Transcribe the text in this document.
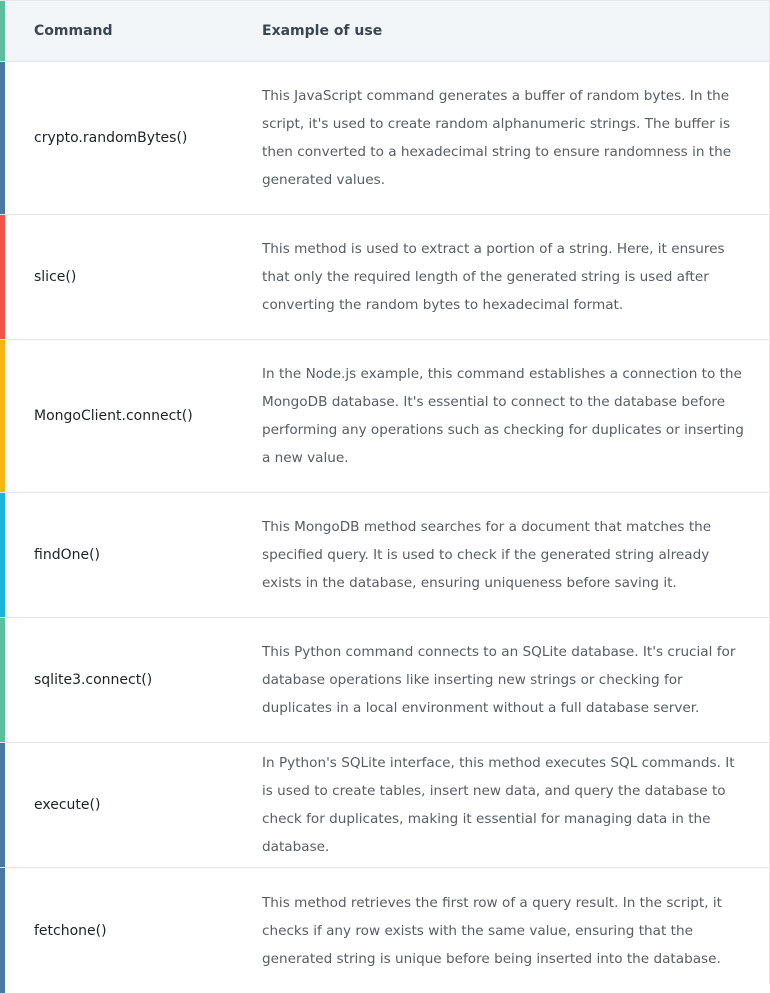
Command	Example of use
crypto.randomBytes()
This JavaScript command generates a buffer of random bytes. In the script, it's used to create random alphanumeric strings. The buffer is then converted to a hexadecimal string to ensure randomness in the generated values.
slice()
This method is used to extract a portion of a string. Here, it ensures that only the required length of the generated string is used after converting the random bytes to hexadecimal format.
MongoClient.connect()
In the Node.js example, this command establishes a connection to the MongoDB database. It's essential to connect to the database before performing any operations such as checking for duplicates or inserting a new value.
findOne()
This MongoDB method searches for a document that matches the specified query. It is used to check if the generated string already exists in the database, ensuring uniqueness before saving it.
sqlite3.connect()
This Python command connects to an SQLite database. It's crucial for database operations like inserting new strings or checking for duplicates in a local environment without a full database server.
execute()
In Python's SQLite interface, this method executes SQL commands. It is used to create tables, insert new data, and query the database to check for duplicates, making it essential for managing data in the database.
fetchone()
This method retrieves the first row of a query result. In the script, it checks if any row exists with the same value, ensuring that the generated string is unique before being inserted into the database.
